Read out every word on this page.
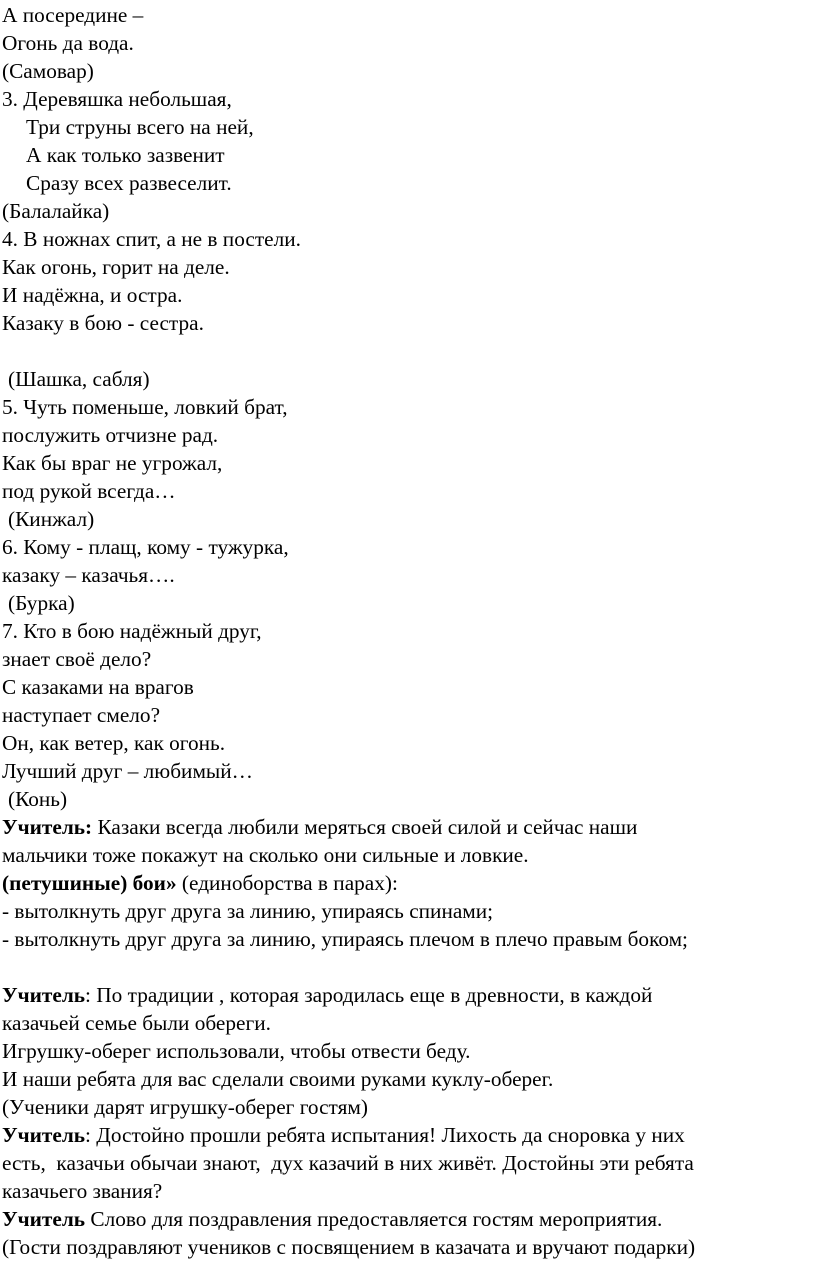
А посередине –
Огонь да вода.
(Самовар)
3. Деревяшка небольшая,
Три струны всего на ней,
А как только зазвенит
Сразу всех развеселит.
(Балалайка)
4. В ножнах спит, а не в постели.
Как огонь, горит на деле.
И надёжна, и остра.
Казаку в бою - сестра.
(Шашка, сабля)
5. Чуть поменьше, ловкий брат,
послужить отчизне рад.
Как бы враг не угрожал,
под рукой всегда…
(Кинжал)
6. Кому - плащ, кому - тужурка,
казаку – казачья….
(Бурка)
7. Кто в бою надёжный друг,
знает своё дело?
С казаками на врагов
наступает смело?
Он, как ветер, как огонь.
Лучший друг – любимый…
(Конь)
Учитель: Казаки всегда любили меряться своей силой и сейчас наши
мальчики тоже покажут на сколько они сильные и ловкие.
(петушиные) бои» (единоборства в парах):
- вытолкнуть друг друга за линию, упираясь спинами;
- вытолкнуть друг друга за линию, упираясь плечом в плечо правым боком;
Учитель: По традиции , которая зародилась еще в древности, в каждой
казачьей семье были обереги.
Игрушку-оберег использовали, чтобы отвести беду.
И наши ребята для вас сделали своими руками куклу-оберег.
(Ученики дарят игрушку-оберег гостям)
Учитель: Достойно прошли ребята испытания! Лихость да сноровка у них
есть,  казачьи обычаи знают,  дух казачий в них живёт. Достойны эти ребята
казачьего звания?
Учитель Слово для поздравления предоставляется гостям мероприятия.
(Гости поздравляют учеников с посвящением в казачата и вручают подарки)
